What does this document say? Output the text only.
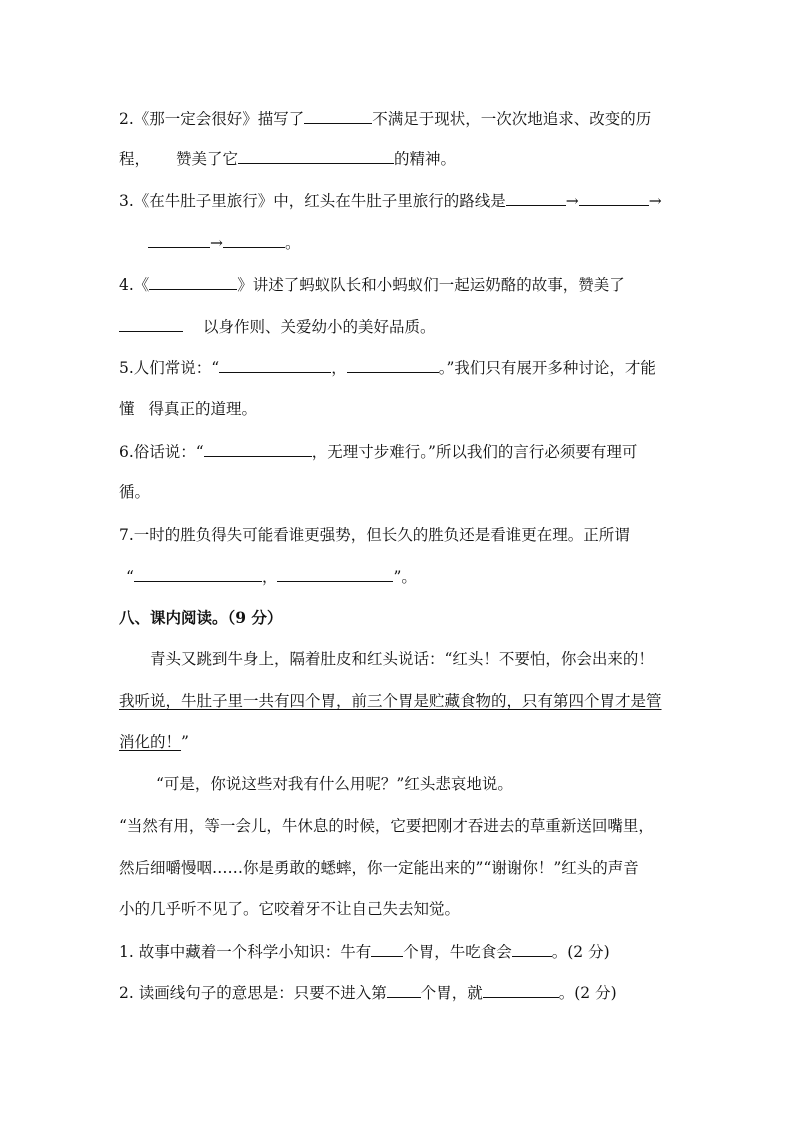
2.《那一定会很好》描写了	不满足于现状，一次次地追求、改变的历
程， 赞美了它	的精神。
3.《在牛肚子里旅行》中，红头在牛肚子里旅行的路线是	→	→
→	。
4.《	》讲述了蚂蚁队长和小蚂蚁们一起运奶酪的故事，赞美了
以身作则、关爱幼小的美好品质。
5.人们常说：“	，	。”我们只有展开多种讨论，才能
懂 得真正的道理。
6.俗话说：“	，无理寸步难行。”所以我们的言行必须要有理可
循。
7.一时的胜负得失可能看谁更强势，但长久的胜负还是看谁更在理。正所谓
“	，	”。
八、课内阅读。（9 分）
青头又跳到牛身上，隔着肚皮和红头说话：“红头！不要怕，你会出来的！
我听说，牛肚子里一共有四个胃，前三个胃是贮藏食物的，只有第四个胃才是管
消化的！”
“可是，你说这些对我有什么用呢？”红头悲哀地说。
“当然有用，等一会儿，牛休息的时候，它要把刚才吞进去的草重新送回嘴里，
然后细嚼慢咽……你是勇敢的蟋蟀，你一定能出来的”“谢谢你！”红头的声音
小的几乎听不见了。它咬着牙不让自己失去知觉。
1. 故事中藏着一个科学小知识：牛有 个胃，牛吃食会	。(2 分)
2. 读画线句子的意思是：只要不进入第 个胃，就	。(2 分)
